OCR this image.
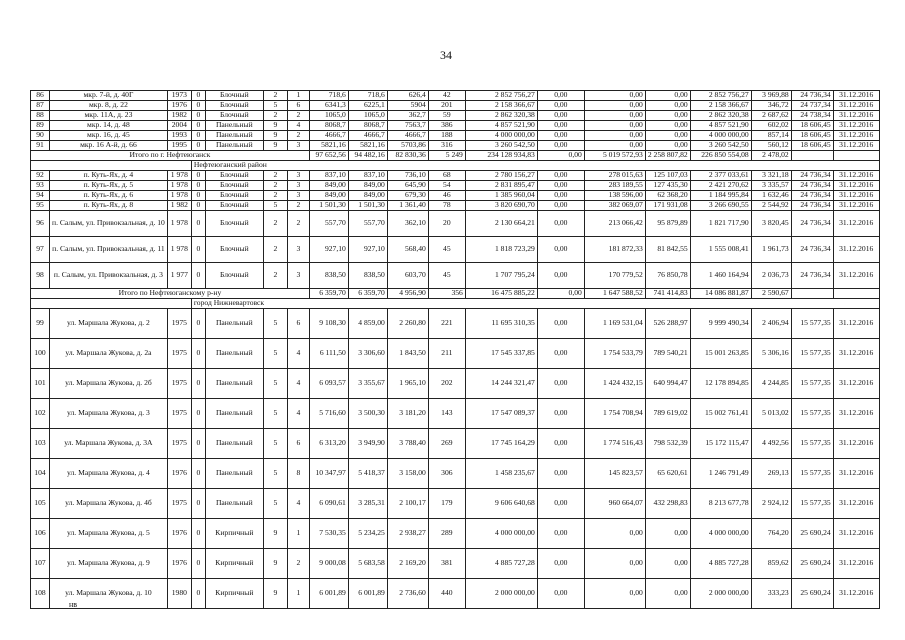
34
86	мкр. 7-й, д. 40Г	1973	0	Блочный	2	1	718,6	718,6	626,4	42	2 852 756,27	0,00	0,00	0,00	2 852 756,27	3 969,88	24 736,34	31.12.2016
87	мкр. 8, д. 22	1976	0	Блочный	5	6	6341,3	6225,1	5904	201	2 158 366,67	0,00	0,00	0,00	2 158 366,67	346,72	24 737,34	31.12.2016
88	мкр. 11А, д. 23	1982	0	Блочный	2	2	1065,0	1065,0	362,7	59	2 862 320,38	0,00	0,00	0,00	2 862 320,38	2 687,62	24 738,34	31.12.2016
89	мкр. 14, д. 48	2004	0	Панельный	9	4	8068,7	8068,7	7563,7	386	4 857 521,90	0,00	0,00	0,00	4 857 521,90	602,02	18 606,45	31.12.2016
90	мкр. 16, д. 45	1993	0	Панельный	9	2	4666,7	4666,7	4666,7	188	4 000 000,00	0,00	0,00	0,00	4 000 000,00	857,14	18 606,45	31.12.2016
91	мкр. 16 А-й, д. 66	1995	0	Панельный	9	3	5821,16	5821,16	5703,86	316	3 260 542,50	0,00	0,00	0,00	3 260 542,50	560,12	18 606,45	31.12.2016
Итого по г. Нефтеюганск							97 652,56	94 482,16	82 830,36	5 249	234 128 934,83	0,00	5 019 572,93	2 258 807,82	226 850 554,08	2 478,02		
			Нефтеюганский район															
92	п. Куть-Ях, д. 4	1 978	0	Блочный	2	3	837,10	837,10	736,10	68	2 780 156,27	0,00	278 015,63	125 107,03	2 377 033,61	3 321,18	24 736,34	31.12.2016
93	п. Куть-Ях, д. 5	1 978	0	Блочный	2	3	849,00	849,00	645,90	54	2 831 895,47	0,00	283 189,55	127 435,30	2 421 270,62	3 335,57	24 736,34	31.12.2016
94	п. Куть-Ях, д. 6	1 978	0	Блочный	2	3	849,00	849,00	679,30	46	1 385 960,04	0,00	138 596,00	62 368,20	1 184 995,84	1 632,46	24 736,34	31.12.2016
95	п. Куть-Ях, д. 8	1 982	0	Блочный	5	2	1 501,30	1 501,30	1 361,40	78	3 820 690,70	0,00	382 069,07	171 931,08	3 266 690,55	2 544,92	24 736,34	31.12.2016
96	п. Салым, ул. Привокзальная, д. 10	1 978	0	Блочный	2	2	557,70	557,70	362,10	20	2 130 664,21	0,00	213 066,42	95 879,89	1 821 717,90	3 820,45	24 736,34	31.12.2016
97	п. Салым, ул. Привокзальная, д. 11	1 978	0	Блочный	2	3	927,10	927,10	568,40	45	1 818 723,29	0,00	181 872,33	81 842,55	1 555 008,41	1 961,73	24 736,34	31.12.2016
98	п. Салым, ул. Привокзальная, д. 3	1 977	0	Блочный	2	3	838,50	838,50	603,70	45	1 707 795,24	0,00	170 779,52	76 850,78	1 460 164,94	2 036,73	24 736,34	31.12.2016
Итого по Нефтеюганскому р-ну							6 359,70	6 359,70	4 956,90	356	16 475 885,22	0,00	1 647 588,52	741 414,83	14 086 881,87	2 590,67		
			город Нижневартовск															
99	ул. Маршала Жукова, д. 2	1975	0	Панельный	5	6	9 108,30	4 859,00	2 260,80	221	11 695 310,35	0,00	1 169 531,04	526 288,97	9 999 490,34	2 406,94	15 577,35	31.12.2016
100	ул. Маршала Жукова, д. 2а	1975	0	Панельный	5	4	6 111,50	3 306,60	1 843,50	211	17 545 337,85	0,00	1 754 533,79	789 540,21	15 001 263,85	5 306,16	15 577,35	31.12.2016
101	ул. Маршала Жукова, д. 2б	1975	0	Панельный	5	4	6 093,57	3 355,67	1 965,10	202	14 244 321,47	0,00	1 424 432,15	640 994,47	12 178 894,85	4 244,85	15 577,35	31.12.2016
102	ул. Маршала Жукова, д. 3	1975	0	Панельный	5	4	5 716,60	3 500,30	3 181,20	143	17 547 089,37	0,00	1 754 708,94	789 619,02	15 002 761,41	5 013,02	15 577,35	31.12.2016
103	ул. Маршала Жукова, д. 3А	1975	0	Панельный	5	6	6 313,20	3 949,90	3 788,40	269	17 745 164,29	0,00	1 774 516,43	798 532,39	15 172 115,47	4 492,56	15 577,35	31.12.2016
104	ул. Маршала Жукова, д. 4	1976	0	Панельный	5	8	10 347,97	5 418,37	3 158,00	306	1 458 235,67	0,00	145 823,57	65 620,61	1 246 791,49	269,13	15 577,35	31.12.2016
105	ул. Маршала Жукова, д. 4б	1975	0	Панельный	5	4	6 090,61	3 285,31	2 100,17	179	9 606 640,68	0,00	960 664,07	432 298,83	8 213 677,78	2 924,12	15 577,35	31.12.2016
106	ул. Маршала Жукова, д. 5	1976	0	Кирпичный	9	1	7 530,35	5 234,25	2 938,27	289	4 000 000,00	0,00	0,00	0,00	4 000 000,00	764,20	25 690,24	31.12.2016
107	ул. Маршала Жукова, д. 9	1976	0	Кирпичный	9	2	9 000,08	5 683,58	2 169,20	381	4 885 727,28	0,00	0,00	0,00	4 885 727,28	859,62	25 690,24	31.12.2016
108	ул. Маршала Жукова, д. 10	1980	0	Кирпичный	9	1	6 001,89	6 001,89	2 736,60	440	2 000 000,00	0,00	0,00	0,00	2 000 000,00	333,23	25 690,24	31.12.2016
нв
